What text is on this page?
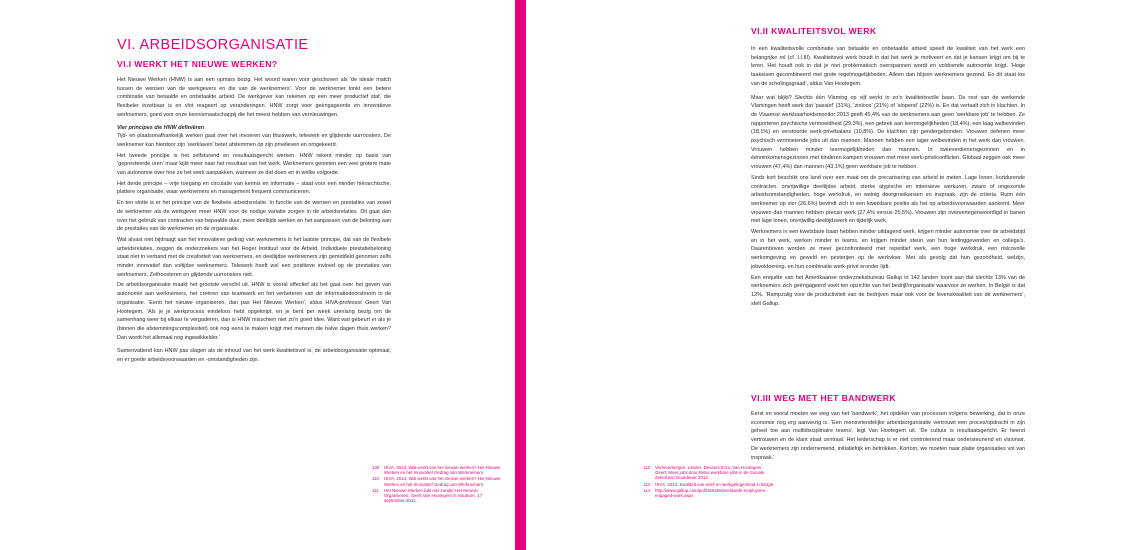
VI. ARBEIDSORGANISATIE
VI.I WERKT HET NIEUWE WERKEN?

Het Nieuwe Werken (HNW) is aan een opmars bezig. Het woord waren voor geschoven als ‘de ideale match tussen de wensen van de werkgevers en die van de werknemers’. Voor de werknemer lonkt een betere combinatie van betaalde en onbetaalde arbeid. De werkgever kan rekenen op een meer productief staf, die flexibeler inzetbaar is en vlot reageert op veranderingen. HNW zorgt voor geëngageerde en innovatieve werknemers, goed voor onze kennismaatschappij die het meest hebben van vernieuwingen.

Vier principes die HNW definiëren

Tijd- en plaatsonafhankelijk werken gaat over het invoeren van thuiswerk, telewerk en glijdende uurroosters. De werknemer kan hierdoor zijn ‘werklaven’ beter afstemmen op zijn privéleven en omgekeerd.

Het tweede principe is het zelfsturend en resultaatsgericht werken. HNW rekent minder op basis van ‘gepresteerde uren’ maar kijkt meer naar het resultaat van het werk. Werknemers genieten een veel grotere mate van autonomie over hoe ze het werk aanpakken, wanneer ze dat doen en in welke volgorde.

Het derde principe – vrije toegang en circulatie van kennis en informatie – staat voor een minder hiërarchische, plattere organisatie, waar werknemers en management frequent communiceren.

En ten slotte is er het principe van de flexibele arbeidsrelatie. In functie van de wensen en prestaties van zowel de werknemer als de werkgever meer HNW voor de nodige variatie zorgen in de arbeidsrelaties. Dit gaat dan over het gebruik van contracten van bepaalde duur, meer deeltijds werken en het aanpassen van de beloning aan de prestaties van de werknemer en de organisatie.

Wat alvast niet bijdraagt aan het innovatieve gedrag van werknemers is het laatste principe, dat van de flexibele arbeidsrelaties, zeggen de onderzoekers van het Hoger Instituut voor de Arbeid. Individuele prestatiebeloning staat niet in verband met de creativiteit van werknemers, en deeltijdse werknemers zijn gemiddeld genomen zelfs minder innovatief dan voltijdse werknemers. Telewerk heeft wel een positieve invloed op de prestaties van werknemers. Zelfroosteren en glijdende uurroosters niet.

De arbeidsorganisatie maakt het grootste verschil uit. HNW is vooral effectief als het gaat over het geven van autonomie aan werknemers, het creëren van teamwerk en het verbeteren van de informatiedoorstroom in de organisatie. ‘Eerst het nieuwe organiseren, dan pas Het Nieuwe Werken’, aldus HIVA-professor Geert Van Hootegem. ‘Als je je werkprocess eindeloos hebt opgeknipt, en je bent per week urenlang bezig om de samenhang weer bij elkaar te vergaderen, dan is HNW misschien niet zo’n goed idee. Want wat gebeurt er als je (binnen die afstemmingscomplexiteit) ook nog eens te maken krijgt met mensen die halve dagen thuis werken? Dan wordt het allemaal nog ingewikkelder.’

Samenvattend kan HNW pas slagen als de inhoud van het werk kwaliteitsvol is, de arbeidsorganisatie optimaal, en er goede arbeidsvoorwaarden en -omstandigheden zijn.

109	HIVA, 2013, Wat werkt van het nieuwe werken? Het Nieuwe Werken en het Innovatief Gedrag van Werknemers.
110	HIVA, 2013, Wat werkt van het nieuwe werken? Het Nieuwe Werken en het Innovatief Gedrag van Werknemers.
111	Het Nieuwe Werken lukt niet zonder Het Nieuwe Organiseren, Geert Van Hootegem in Vacature, 17 september 2011.
VI.II KWALITEITSVOL WERK

In een kwaliteitsvolle combinatie van betaalde en onbetaalde arbeid speelt de kwaliteit van het werk een belangrijke rol (cf. I.I.III). Kwaliteitsvol werk houdt in dat het werk je motiveert en dat je kansen krijgt om bij te leren. Het houdt ook in dat je niet problematisch overspannen wordt en voldoende autonomie krijgt. ‘Hoge taakeisen gecombineerd met grote regelmogelijkheden. Alleen dan blijven werknemers gezond. En dit staat los van de scholingsgraad’, aldus Van Hootegem.

Maar wat blijkt? Slechts één Vlaming op vijf werkt in zo’n kwaliteitsvolle baan. De rest van de werkende Vlamingen heeft werk dat ‘passief’ (31%), ‘zinloos’ (21%) of ‘slopend’ (22%) is. En dat vertaalt zich in klachten. In de Vlaamse werkbaarheidsmonitor 2013 geeft 45,4% van de werknemers aan geen ‘werkbare job’ te hebben. Ze rapporteren psychische vermoeidheid (29,3%), een gebrek aan leermogelijkheden (18,4%), een laag welbevinden (18,1%) en verstoorde werk-privébalans (10,8%). De klachten zijn gendergebonden. Vrouwen oefenen meer psychisch vermoeiende jobs uit dan mannen. Mannen hebben een lager welbevinden in het werk dan vrouwen. Vrouwen hebben minder leermogelijkheden dan mannen. In tweeverdienersgezinnen en in éénninkomensgezinnen met kinderen kampen vrouwen met meer werk-privéconflicten. Globaal zeggen ook meer vrouwen (47,4%) dan mannen (43,1%) geen werkbare job te hebben.

Sinds kort beschikt ons land over een maat om de precarisering van arbeid te meten. Lage lonen, kortdurende contracten, onvrijwillige deeltijdse arbeid, sterke atypische en intensieve werkuren, zware of ongezonde arbeidsomstandigheden, hoge werkdruk, en weinig doorgroeikansen en inspraak, zijn de criteria. Ruim één werknemer op vier (26,6%) bevindt zich in een kwetsbare positie als het op arbeidsvoorwaarden aankomt. Meer vrouwen dan mannen hebben precair werk (27,4% versus 25,5%). Vrouwen zijn oververtegenwoordigd in banen met lage lonen, onvrijwillig deeltijdswerk en tijdelijk werk.

Werknemers in een kwetsbare baan hebben minder uitdagend werk, krijgen minder autonomie over de arbeidstijd en in het werk, werken minder in teams, en krijgen minder steun van hun leidinggevenden en collega’s. Daarenboven worden ze meer geconfronteerd met repetitief werk, een hoge werkdruk, een risicovolle werkomgeving en geweld en pesterijen op de werkvloer. Met als gevolg dat hun gezondheid, welzijn, jobvoldoening, en hun combinatie werk-privé eronder lijdt.

Een enquête van het Amerikaanse onderzoeksbureau Gallup in 142 landen toont aan dat slechts 13% van de werknemers zich geëngageerd voelt ten opzichte van het bedrijf/organisatie waarvoor ze werken. In België is dat 12%. ‘Rampzalig voor de productiviteit van de bedrijven maar ook voor de levenskwaliteit van de werknemers’, stelt Gallup.

VI.III WEG MET HET BANDWERK

Eerst en vooral moeten we weg van het ‘bandwerk’, het opdelen van processen volgens bewerking, dat in onze economie nog erg aanwezig is. ‘Een mensvriendelijke arbeidsorganisatie vertrouwt een proces/opdracht in zijn geheel toe aan multidisciplinaire teams’, legt Van Hootegem uit. ‘De cultuur is resultaatsgericht. Er heerst vertrouwen en de klant staat centraal. Het leiderschap is er niet controlerend maar ondersteunend en visionair. De werknemers zijn ondernemend, initiatiefrijk en betrokken. Kortom, we moeten naar platte organisaties vol van inspraak.’

112	Vermeerbergen, Lander, Dessers Ezra, Van Hootegem, Geert, Meer jobs door Beter werkbare jobs in de Sociale Zekerheid Guardener 2013.
113	HIVA, 2013, Kwaliteit van werk en werkgelegenheid in België.
114	http://www.gallup.com/poll/165269/worldwide-employees-engaged-work.aspx
